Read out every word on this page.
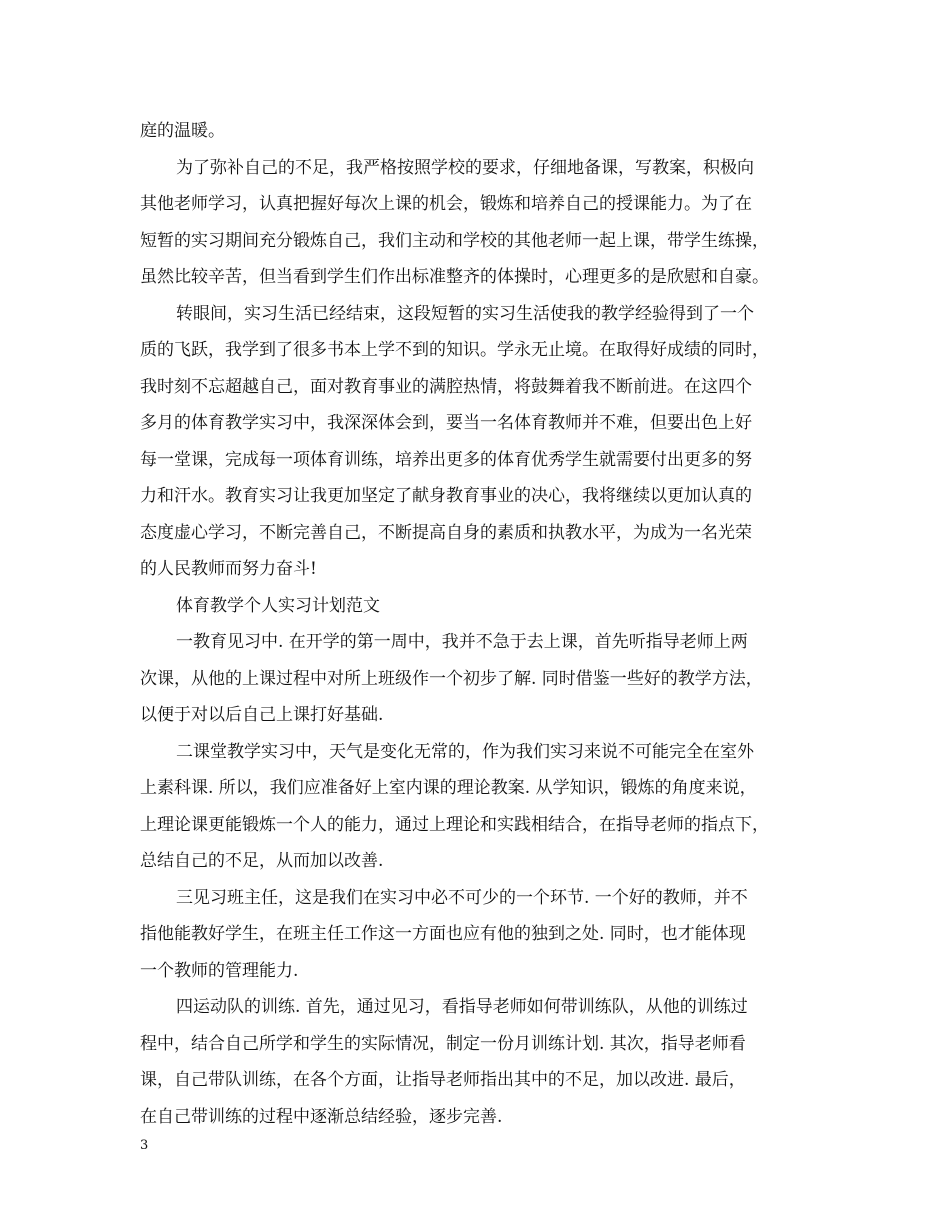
庭的温暖。
为了弥补自己的不足，我严格按照学校的要求，仔细地备课，写教案，积极向
其他老师学习，认真把握好每次上课的机会，锻炼和培养自己的授课能力。为了在
短暂的实习期间充分锻炼自己，我们主动和学校的其他老师一起上课，带学生练操，
虽然比较辛苦，但当看到学生们作出标准整齐的体操时，心理更多的是欣慰和自豪。
转眼间，实习生活已经结束，这段短暂的实习生活使我的教学经验得到了一个
质的飞跃，我学到了很多书本上学不到的知识。学永无止境。在取得好成绩的同时，
我时刻不忘超越自己，面对教育事业的满腔热情，将鼓舞着我不断前进。在这四个
多月的体育教学实习中，我深深体会到，要当一名体育教师并不难，但要出色上好
每一堂课，完成每一项体育训练，培养出更多的体育优秀学生就需要付出更多的努
力和汗水。教育实习让我更加坚定了献身教育事业的决心，我将继续以更加认真的
态度虚心学习，不断完善自己，不断提高自身的素质和执教水平，为成为一名光荣
的人民教师而努力奋斗!
体育教学个人实习计划范文
一教育见习中. 在开学的第一周中，我并不急于去上课，首先听指导老师上两
次课，从他的上课过程中对所上班级作一个初步了解. 同时借鉴一些好的教学方法，
以便于对以后自己上课打好基础.
二课堂教学实习中，天气是变化无常的，作为我们实习来说不可能完全在室外
上素科课. 所以，我们应准备好上室内课的理论教案. 从学知识，锻炼的角度来说，
上理论课更能锻炼一个人的能力，通过上理论和实践相结合，在指导老师的指点下，
总结自己的不足，从而加以改善.
三见习班主任，这是我们在实习中必不可少的一个环节. 一个好的教师，并不
指他能教好学生，在班主任工作这一方面也应有他的独到之处. 同时，也才能体现
一个教师的管理能力.
四运动队的训练. 首先，通过见习，看指导老师如何带训练队，从他的训练过
程中，结合自己所学和学生的实际情况，制定一份月训练计划. 其次，指导老师看
课，自己带队训练，在各个方面，让指导老师指出其中的不足，加以改进. 最后，
在自己带训练的过程中逐渐总结经验，逐步完善.
3
